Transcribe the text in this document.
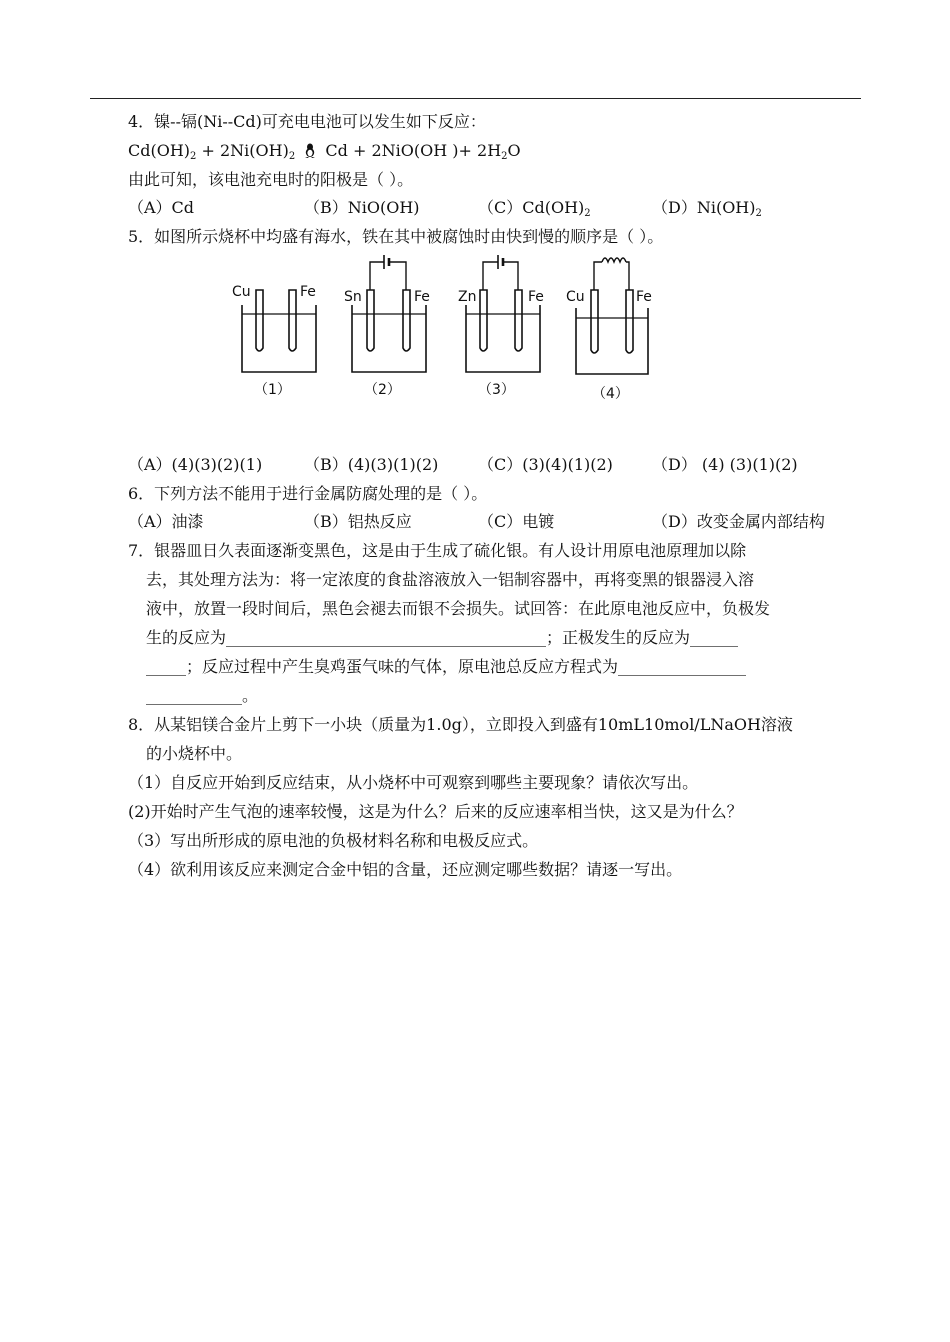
4．镍--镉(Ni--Cd)可充电电池可以发生如下反应：
$Cd(OH)_2 + 2Ni(OH)_2$  Cd + 2NiO(OH )+ $2H_2O$
由此可知，该电池充电时的阳极是（ ）。
（A）Cd	（B）NiO(OH)	$(C)Cd(OH)_2$	$(D)Ni(OH)_2$
5．如图所示烧杯中均盛有海水，铁在其中被腐蚀时由快到慢的顺序是（ ）。
Cu	Fe
（1）
Sn	Fe
（2）
Zn	Fe
（3）
Cu	Fe
（4）
（A）(4)(3)(2)(1)	（B）(4)(3)(1)(2) （C）(3)(4)(1)(2) （D） (4) (3)(1)(2)
6．下列方法不能用于进行金属防腐处理的是（ ）。
（A）油漆	（B）铝热反应	（C）电镀	（D）改变金属内部结构
7．银器皿日久表面逐渐变黑色，这是由于生成了硫化银。有人设计用原电池原理加以除
去，其处理方法为：将一定浓度的食盐溶液放入一铝制容器中，再将变黑的银器浸入溶
液中，放置一段时间后，黑色会褪去而银不会损失。试回答：在此原电池反应中，负极发
生的反应为________________________________________；正极发生的反应为______
_____；反应过程中产生臭鸡蛋气味的气体，原电池总反应方程式为________________
____________。
8．从某铝镁合金片上剪下一小块（质量为1.0g），立即投入到盛有10mL10mol/LNaOH溶液
的小烧杯中。
（1）自反应开始到反应结束，从小烧杯中可观察到哪些主要现象？请依次写出。
(2)开始时产生气泡的速率较慢，这是为什么？后来的反应速率相当快，这又是为什么？
（3）写出所形成的原电池的负极材料名称和电极反应式。
（4）欲利用该反应来测定合金中铝的含量，还应测定哪些数据？请逐一写出。
